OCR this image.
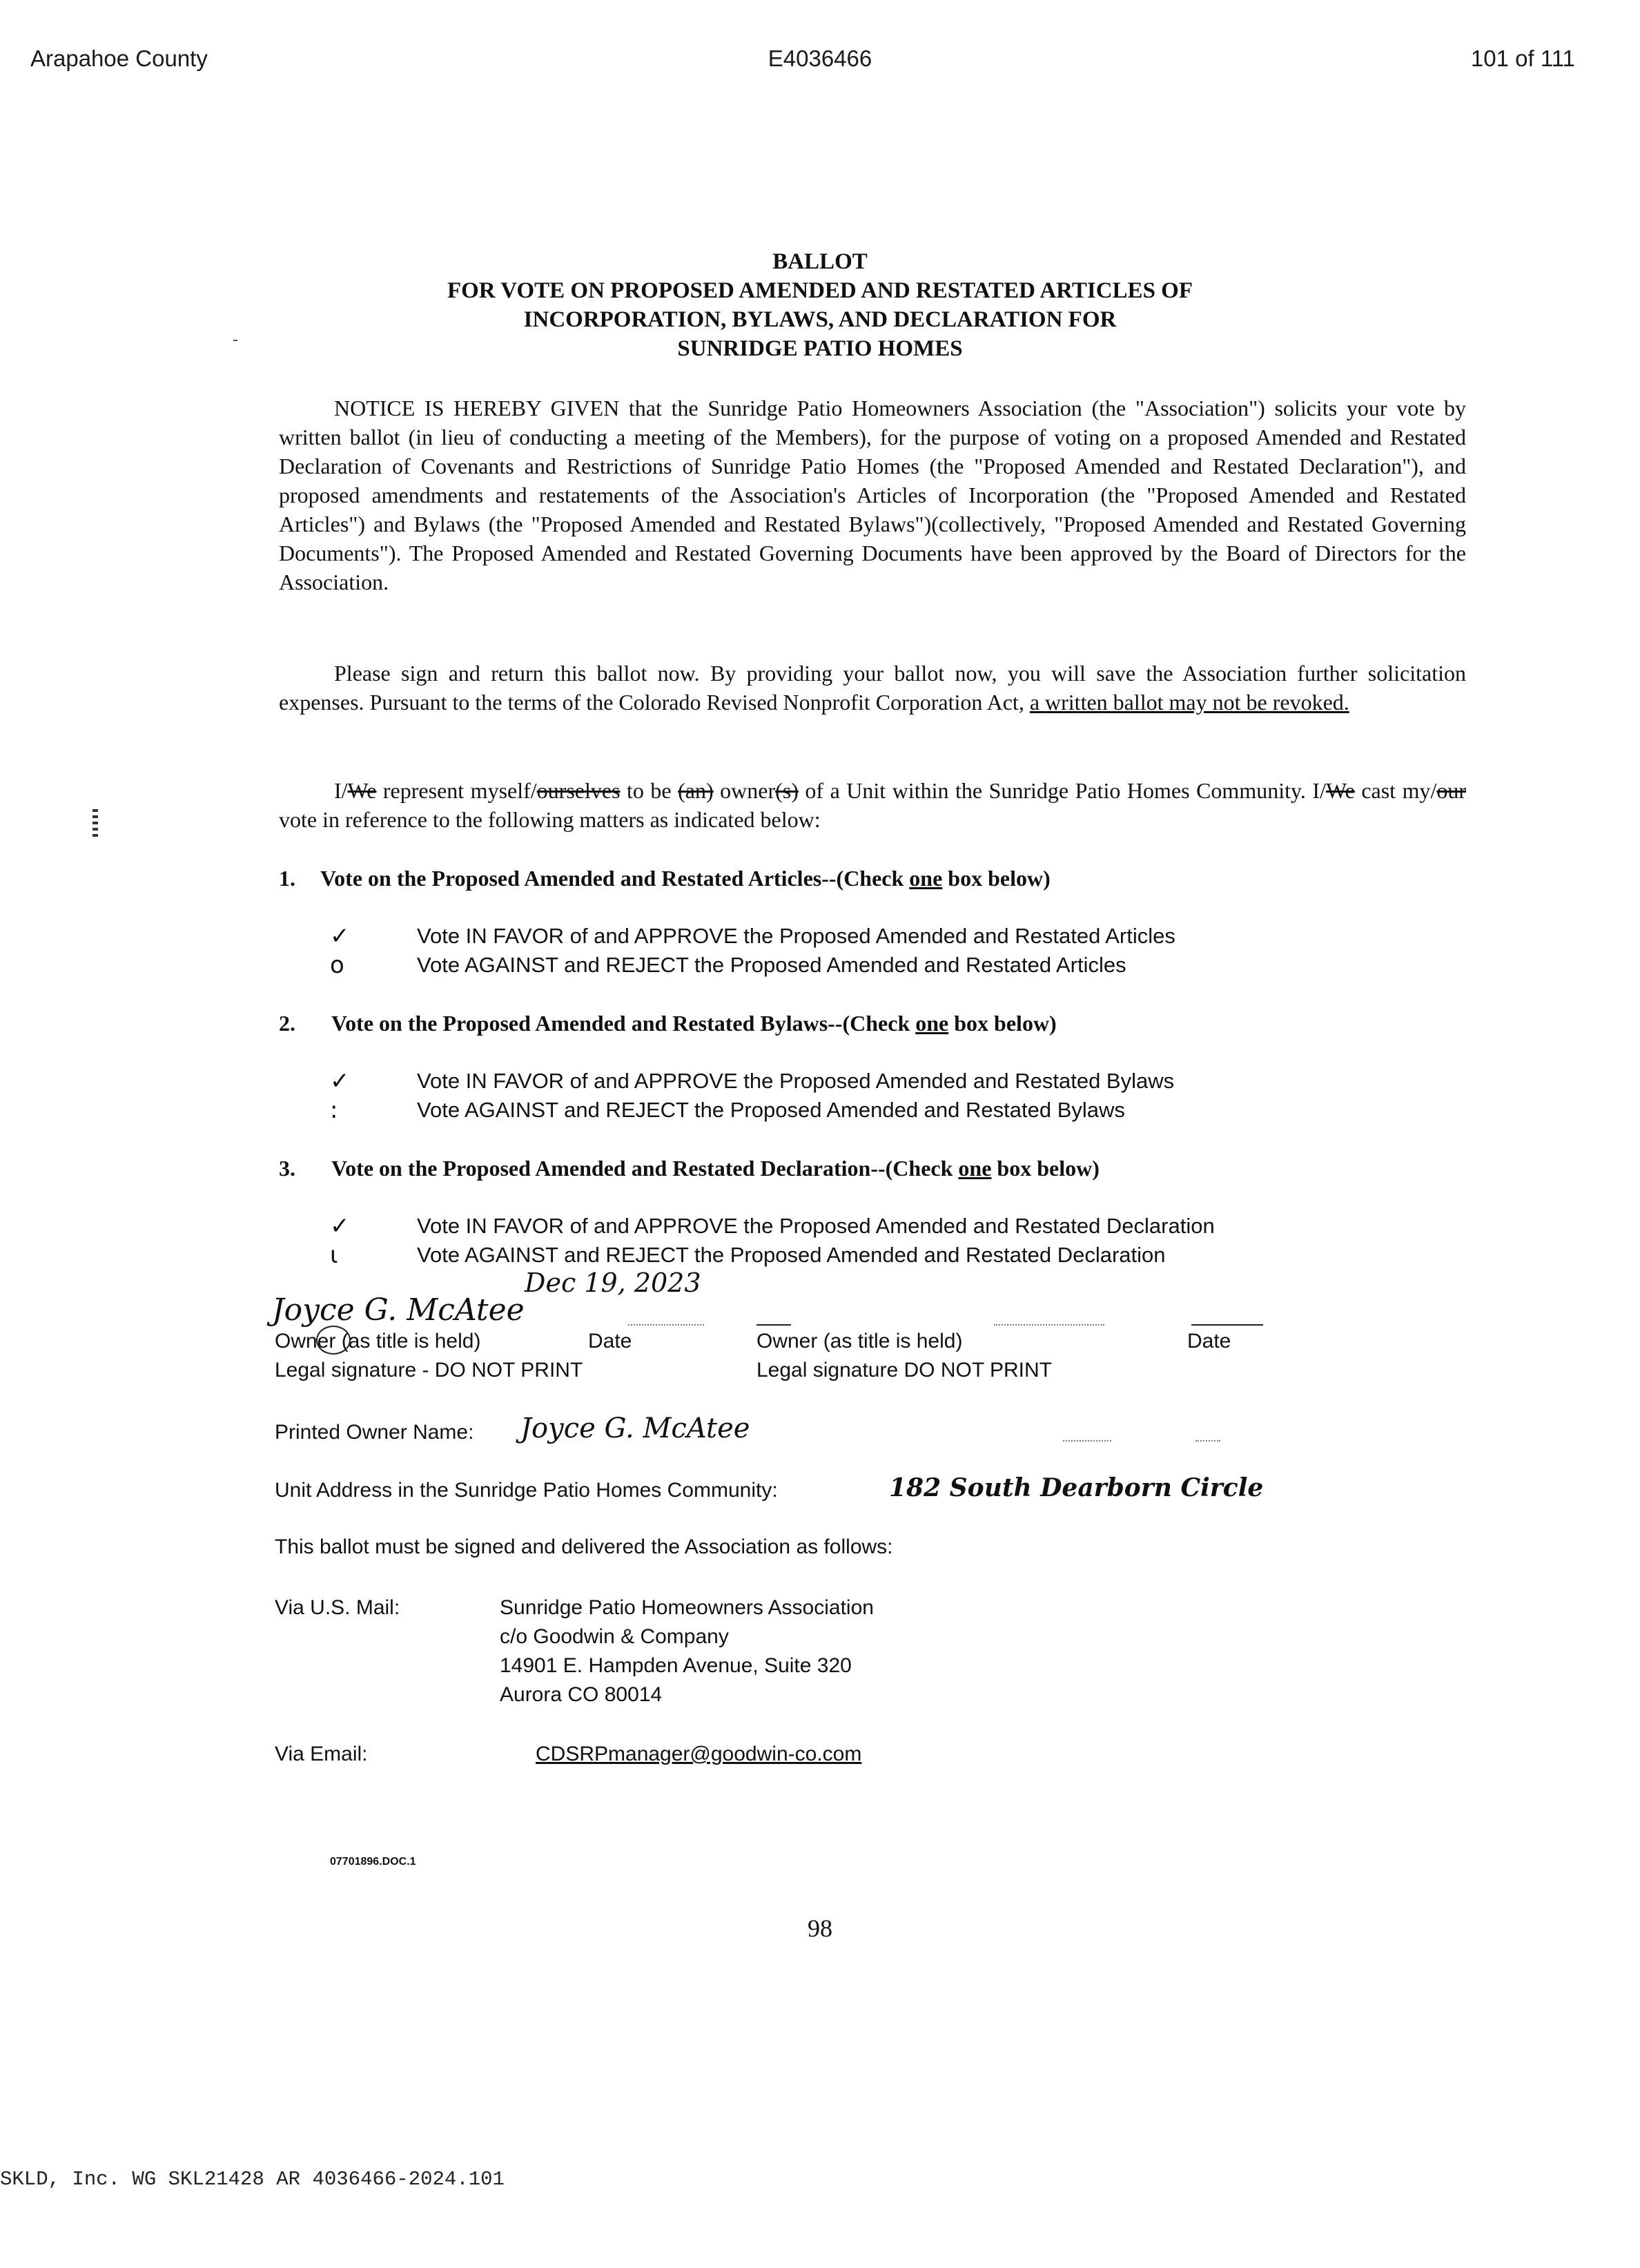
Arapahoe County	E4036466	101 of 111
BALLOT
FOR VOTE ON PROPOSED AMENDED AND RESTATED ARTICLES OF
INCORPORATION, BYLAWS, AND DECLARATION FOR
SUNRIDGE PATIO HOMES

NOTICE IS HEREBY GIVEN that the Sunridge Patio Homeowners Association (the "Association") solicits your vote by written ballot (in lieu of conducting a meeting of the Members), for the purpose of voting on a proposed Amended and Restated Declaration of Covenants and Restrictions of Sunridge Patio Homes (the "Proposed Amended and Restated Declaration"), and proposed amendments and restatements of the Association's Articles of Incorporation (the "Proposed Amended and Restated Articles") and Bylaws (the "Proposed Amended and Restated Bylaws")(collectively, "Proposed Amended and Restated Governing Documents"). The Proposed Amended and Restated Governing Documents have been approved by the Board of Directors for the Association.

Please sign and return this ballot now. By providing your ballot now, you will save the Association further solicitation expenses. Pursuant to the terms of the Colorado Revised Nonprofit Corporation Act, a written ballot may not be revoked.

I/We represent myself/ourselves to be (an) owner(s) of a Unit within the Sunridge Patio Homes Community. I/We cast my/our vote in reference to the following matters as indicated below:

1. Vote on the Proposed Amended and Restated Articles--(Check one box below)
✓	Vote IN FAVOR of and APPROVE the Proposed Amended and Restated Articles
o	Vote AGAINST and REJECT the Proposed Amended and Restated Articles
2. Vote on the Proposed Amended and Restated Bylaws--(Check one box below)
✓	Vote IN FAVOR of and APPROVE the Proposed Amended and Restated Bylaws
:	Vote AGAINST and REJECT the Proposed Amended and Restated Bylaws
3. Vote on the Proposed Amended and Restated Declaration--(Check one box below)
✓	Vote IN FAVOR of and APPROVE the Proposed Amended and Restated Declaration
ι	Vote AGAINST and REJECT the Proposed Amended and Restated Declaration
Dec 19, 2023
Joyce G. McAtee
Owner (as title is held)	Date	Owner (as title is held)	Date
Legal signature - DO NOT PRINT	Legal signature DO NOT PRINT
Printed Owner Name: Joyce G. McAtee
Unit Address in the Sunridge Patio Homes Community:	182 South Dearborn Circle
This ballot must be signed and delivered the Association as follows:
Via U.S. Mail:	Sunridge Patio Homeowners Association
c/o Goodwin & Company
14901 E. Hampden Avenue, Suite 320
Aurora CO 80014
Via Email:	CDSRPmanager@goodwin-co.com
07701896.DOC.1
98
SKLD, Inc. WG SKL21428 AR 4036466-2024.101
